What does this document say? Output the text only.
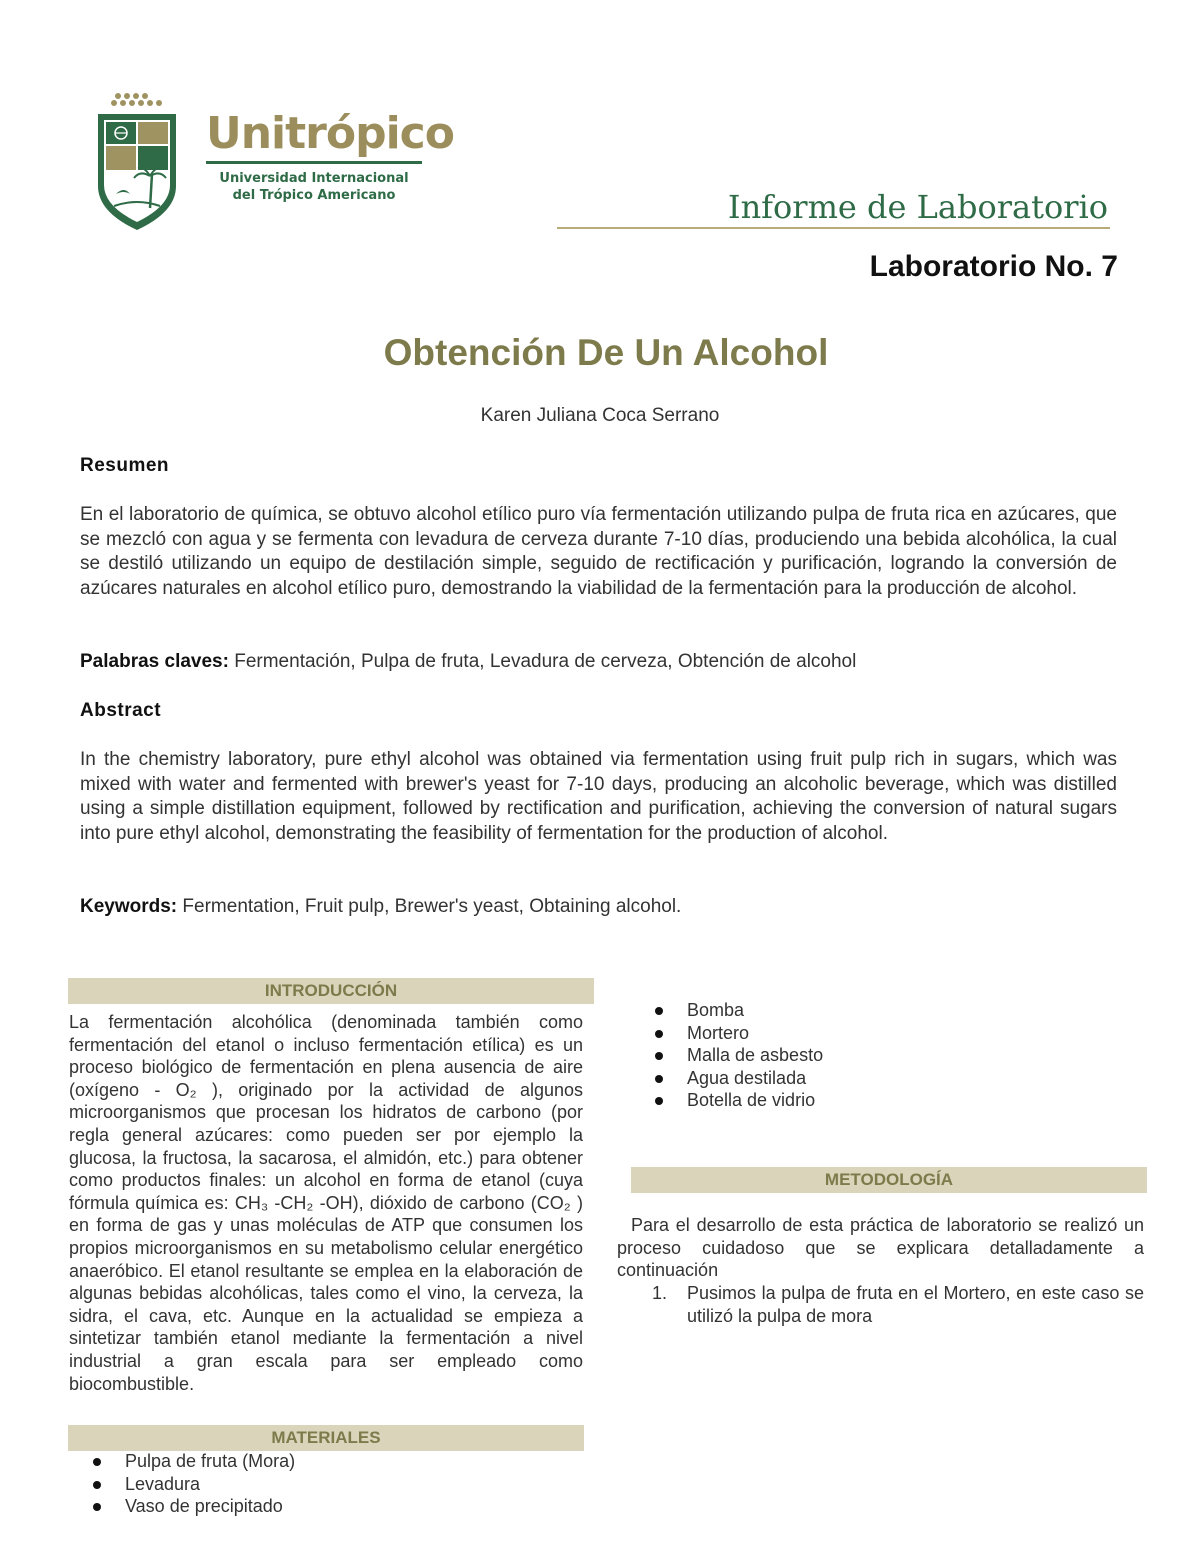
Unitrópico
Universidad Internacional
del Trópico Americano	Informe de Laboratorio
Laboratorio No. 7
Obtención De Un Alcohol
Karen Juliana Coca Serrano
Resumen
En el laboratorio de química, se obtuvo alcohol etílico puro vía fermentación utilizando pulpa de fruta rica en azúcares, que se mezcló con agua y se fermenta con levadura de cerveza durante 7-10 días, produciendo una bebida alcohólica, la cual se destiló utilizando un equipo de destilación simple, seguido de rectificación y purificación, logrando la conversión de azúcares naturales en alcohol etílico puro, demostrando la viabilidad de la fermentación para la producción de alcohol.
Palabras claves: Fermentación, Pulpa de fruta, Levadura de cerveza, Obtención de alcohol
Abstract
In the chemistry laboratory, pure ethyl alcohol was obtained via fermentation using fruit pulp rich in sugars, which was mixed with water and fermented with brewer's yeast for 7-10 days, producing an alcoholic beverage, which was distilled using a simple distillation equipment, followed by rectification and purification, achieving the conversion of natural sugars into pure ethyl alcohol, demonstrating the feasibility of fermentation for the production of alcohol.
Keywords: Fermentation, Fruit pulp, Brewer's yeast, Obtaining alcohol.
INTRODUCCIÓN
La fermentación alcohólica (denominada también como fermentación del etanol o incluso fermentación etílica) es un proceso biológico de fermentación en plena ausencia de aire (oxígeno - O₂ ), originado por la actividad de algunos microorganismos que procesan los hidratos de carbono (por regla general azúcares: como pueden ser por ejemplo la glucosa, la fructosa, la sacarosa, el almidón, etc.) para obtener como productos finales: un alcohol en forma de etanol (cuya fórmula química es: CH₃ -CH₂ -OH), dióxido de carbono (CO₂ ) en forma de gas y unas moléculas de ATP que consumen los propios microorganismos en su metabolismo celular energético anaeróbico. El etanol resultante se emplea en la elaboración de algunas bebidas alcohólicas, tales como el vino, la cerveza, la sidra, el cava, etc. Aunque en la actualidad se empieza a sintetizar también etanol mediante la fermentación a nivel industrial a gran escala para ser empleado como biocombustible.
MATERIALES
Pulpa de fruta (Mora)
Levadura
Vaso de precipitado
Bomba
Mortero
Malla de asbesto
Agua destilada
Botella de vidrio
METODOLOGÍA
Para el desarrollo de esta práctica de laboratorio se realizó un proceso cuidadoso que se explicara detalladamente a continuación
1. Pusimos la pulpa de fruta en el Mortero, en este caso se utilizó la pulpa de mora
